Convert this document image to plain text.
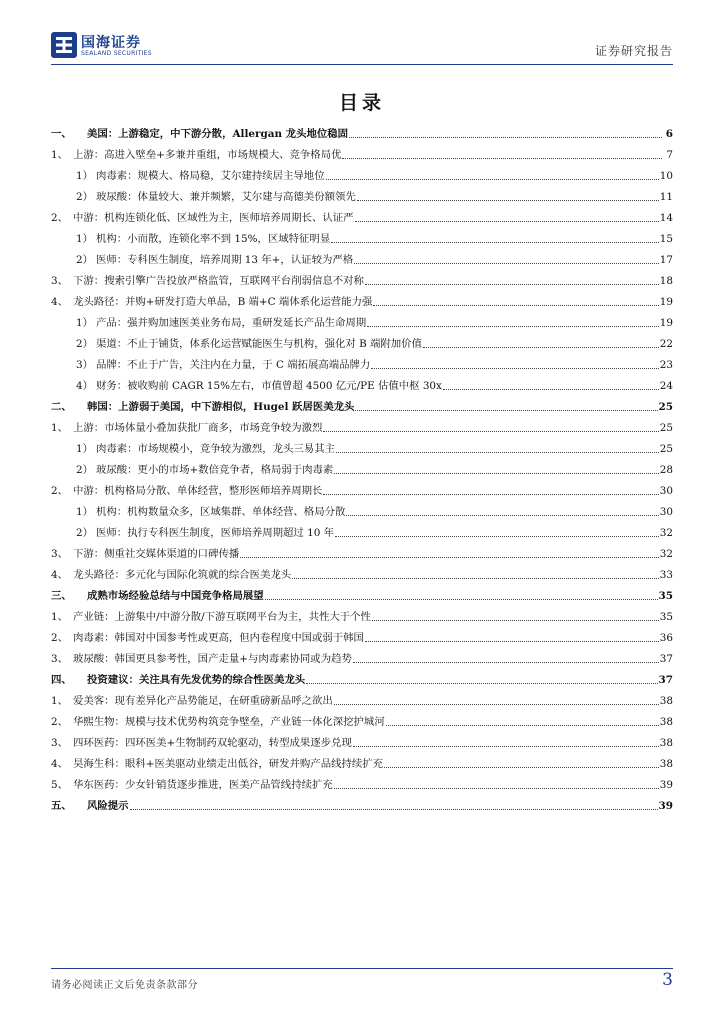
国海证券
SEALAND SECURITIES	证券研究报告
目录
一、	美国：上游稳定，中下游分散，Allergan 龙头地位稳固	6
1、 上游：高进入壁垒+多兼并重组，市场规模大、竞争格局优	7
1） 肉毒素：规模大、格局稳，艾尔建持续居主导地位	10
2） 玻尿酸：体量较大、兼并频繁，艾尔建与高德美份额领先	11
2、 中游：机构连锁化低、区域性为主，医师培养周期长、认证严	14
1） 机构：小而散，连锁化率不到 15%，区域特征明显	15
2） 医师：专科医生制度，培养周期 13 年+，认证较为严格	17
3、 下游：搜索引擎广告投放严格监管，互联网平台削弱信息不对称	18
4、 龙头路径：并购+研发打造大单品，B 端+C 端体系化运营能力强	19
1） 产品：强并购加速医美业务布局，重研发延长产品生命周期	19
2） 渠道：不止于铺货，体系化运营赋能医生与机构，强化对 B 端附加价值	22
3） 品牌：不止于广告，关注内在力量，于 C 端拓展高端品牌力	23
4） 财务：被收购前 CAGR 15%左右，市值曾超 4500 亿元/PE 估值中枢 30x	24
二、	韩国：上游弱于美国，中下游相似，Hugel 跃居医美龙头	25
1、 上游：市场体量小叠加获批厂商多，市场竞争较为激烈	25
1） 肉毒素：市场规模小，竞争较为激烈，龙头三易其主	25
2） 玻尿酸：更小的市场+数倍竞争者，格局弱于肉毒素	28
2、 中游：机构格局分散、单体经营，整形医师培养周期长	30
1） 机构：机构数量众多，区域集群、单体经营、格局分散	30
2） 医师：执行专科医生制度，医师培养周期超过 10 年	32
3、 下游：侧重社交媒体渠道的口碑传播	32
4、 龙头路径：多元化与国际化筑就的综合医美龙头	33
三、	成熟市场经验总结与中国竞争格局展望	35
1、 产业链：上游集中/中游分散/下游互联网平台为主，共性大于个性	35
2、 肉毒素：韩国对中国参考性或更高，但内卷程度中国或弱于韩国	36
3、 玻尿酸：韩国更具参考性，国产走量+与肉毒素协同或为趋势	37
四、	投资建议：关注具有先发优势的综合性医美龙头	37
1、 爱美客：现有差异化产品势能足，在研重磅新品呼之欲出	38
2、 华熙生物：规模与技术优势构筑竞争壁垒，产业链一体化深挖护城河	38
3、 四环医药：四环医美+生物制药双轮驱动，转型成果逐步兑现	38
4、 昊海生科：眼科+医美驱动业绩走出低谷，研发并购产品线持续扩充	38
5、 华东医药：少女针销货逐步推进，医美产品管线持续扩充	39
五、	风险提示	39
请务必阅读正文后免责条款部分	3
